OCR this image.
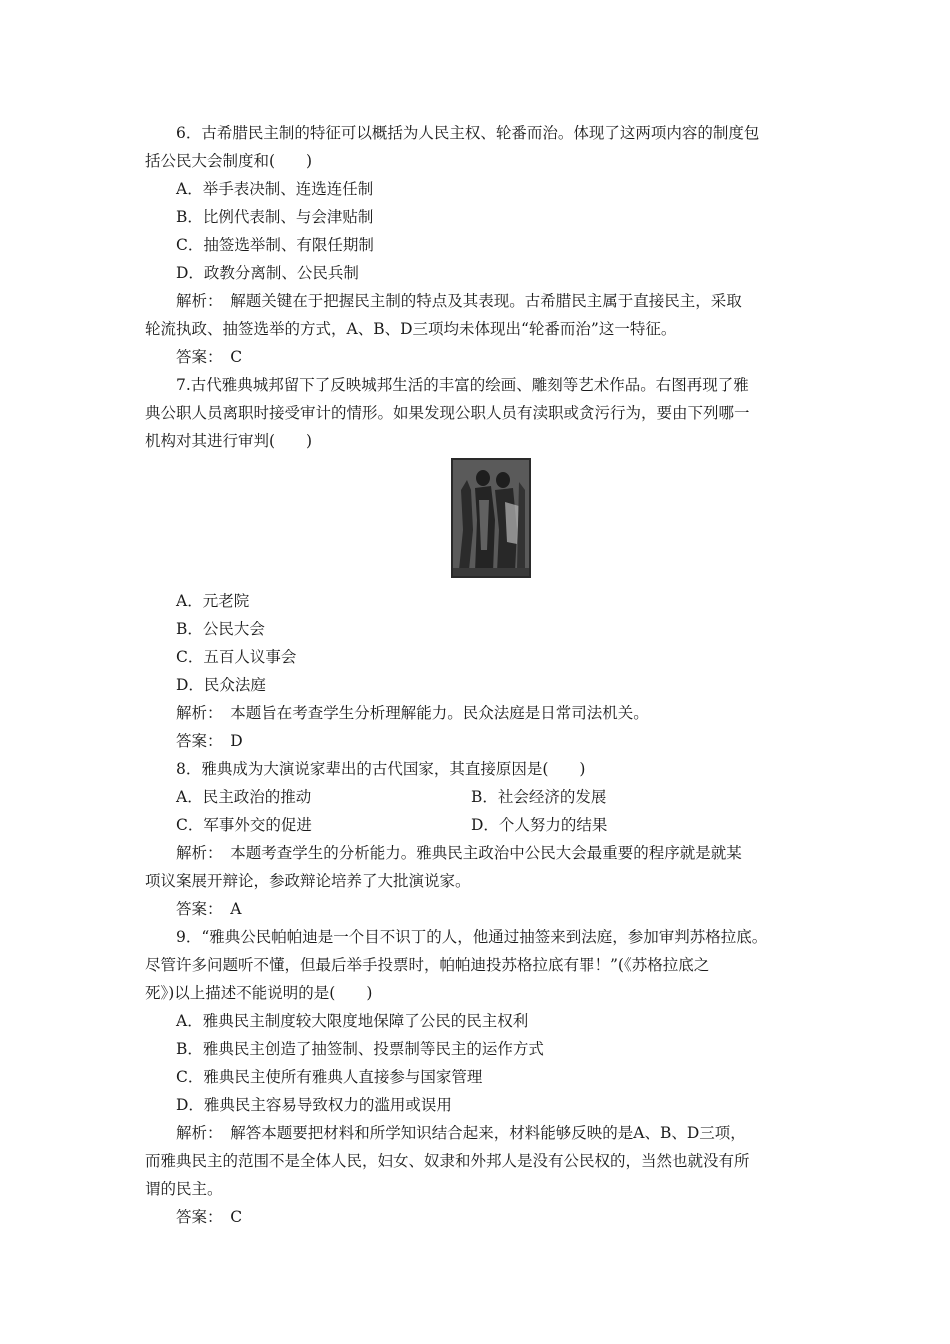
6．古希腊民主制的特征可以概括为人民主权、轮番而治。体现了这两项内容的制度包
括公民大会制度和(　　)
A．举手表决制、连选连任制
B．比例代表制、与会津贴制
C．抽签选举制、有限任期制
D．政教分离制、公民兵制
解析：　解题关键在于把握民主制的特点及其表现。古希腊民主属于直接民主，采取
轮流执政、抽签选举的方式，A、B、D三项均未体现出“轮番而治”这一特征。
答案：　C
7.古代雅典城邦留下了反映城邦生活的丰富的绘画、雕刻等艺术作品。右图再现了雅
典公职人员离职时接受审计的情形。如果发现公职人员有渎职或贪污行为，要由下列哪一
机构对其进行审判(　　)
A．元老院
B．公民大会
C．五百人议事会
D．民众法庭
解析：　本题旨在考查学生分析理解能力。民众法庭是日常司法机关。
答案：　D
8．雅典成为大演说家辈出的古代国家，其直接原因是(　　)
A．民主政治的推动	B．社会经济的发展
C．军事外交的促进	D．个人努力的结果
解析：　本题考查学生的分析能力。雅典民主政治中公民大会最重要的程序就是就某
项议案展开辩论，参政辩论培养了大批演说家。
答案：　A
9．“雅典公民帕帕迪是一个目不识丁的人，他通过抽签来到法庭，参加审判苏格拉底。
尽管许多问题听不懂，但最后举手投票时，帕帕迪投苏格拉底有罪！”(《苏格拉底之
死》)以上描述不能说明的是(　　)
A．雅典民主制度较大限度地保障了公民的民主权利
B．雅典民主创造了抽签制、投票制等民主的运作方式
C．雅典民主使所有雅典人直接参与国家管理
D．雅典民主容易导致权力的滥用或误用
解析：　解答本题要把材料和所学知识结合起来，材料能够反映的是A、B、D三项，
而雅典民主的范围不是全体人民，妇女、奴隶和外邦人是没有公民权的，当然也就没有所
谓的民主。
答案：　C
